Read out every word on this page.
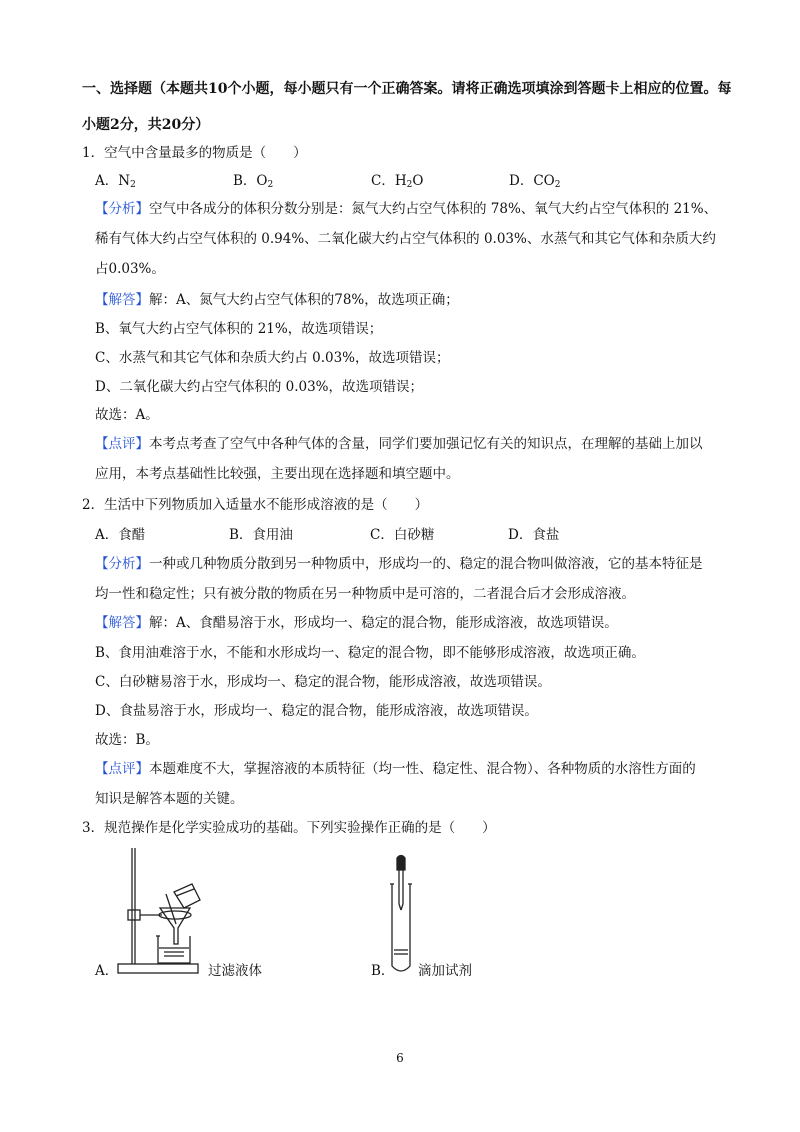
一、选择题（本题共10个小题，每小题只有一个正确答案。请将正确选项填涂到答题卡上相应的位置。每
小题2分，共20分）
1．空气中含量最多的物质是（　　）
A．$N_2$	B．$O_2$	C．$H_2O$	D．$CO_2$
【分析】空气中各成分的体积分数分别是：氮气大约占空气体积的 78%、氧气大约占空气体积的 21%、
稀有气体大约占空气体积的 0.94%、二氧化碳大约占空气体积的 0.03%、水蒸气和其它气体和杂质大约
占0.03%。
【解答】解：A、氮气大约占空气体积的78%，故选项正确；
B、氧气大约占空气体积的 21%，故选项错误；
C、水蒸气和其它气体和杂质大约占 0.03%，故选项错误；
D、二氧化碳大约占空气体积的 0.03%，故选项错误；
故选：A。
【点评】本考点考查了空气中各种气体的含量，同学们要加强记忆有关的知识点，在理解的基础上加以
应用，本考点基础性比较强，主要出现在选择题和填空题中。
2．生活中下列物质加入适量水不能形成溶液的是（　　）
A．食醋	B．食用油	C．白砂糖	D．食盐
【分析】一种或几种物质分散到另一种物质中，形成均一的、稳定的混合物叫做溶液，它的基本特征是
均一性和稳定性；只有被分散的物质在另一种物质中是可溶的，二者混合后才会形成溶液。
【解答】解：A、食醋易溶于水，形成均一、稳定的混合物，能形成溶液，故选项错误。
B、食用油难溶于水，不能和水形成均一、稳定的混合物，即不能够形成溶液，故选项正确。
C、白砂糖易溶于水，形成均一、稳定的混合物，能形成溶液，故选项错误。
D、食盐易溶于水，形成均一、稳定的混合物，能形成溶液，故选项错误。
故选：B。
【点评】本题难度不大，掌握溶液的本质特征（均一性、稳定性、混合物）、各种物质的水溶性方面的
知识是解答本题的关键。
3．规范操作是化学实验成功的基础。下列实验操作正确的是（　　）
A．	过滤液体	B． 滴加试剂
6
